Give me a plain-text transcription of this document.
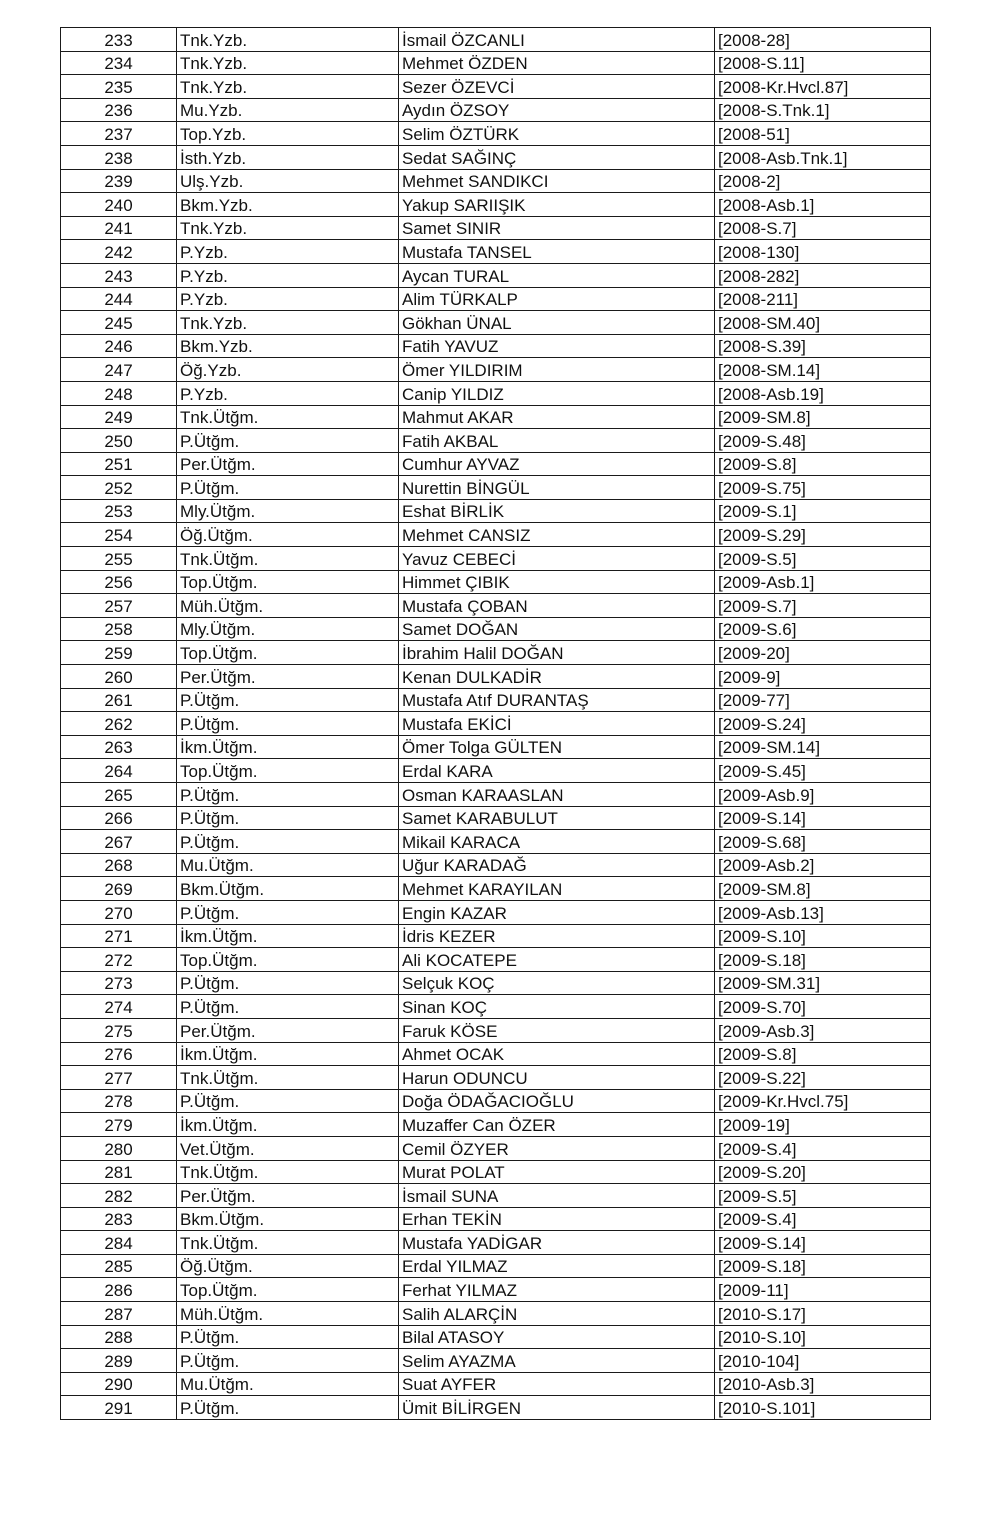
233	Tnk.Yzb.	İsmail ÖZCANLI	[2008-28]
234	Tnk.Yzb.	Mehmet ÖZDEN	[2008-S.11]
235	Tnk.Yzb.	Sezer ÖZEVCİ	[2008-Kr.Hvcl.87]
236	Mu.Yzb.	Aydın ÖZSOY	[2008-S.Tnk.1]
237	Top.Yzb.	Selim ÖZTÜRK	[2008-51]
238	İsth.Yzb.	Sedat SAĞINÇ	[2008-Asb.Tnk.1]
239	Ulş.Yzb.	Mehmet SANDIKCI	[2008-2]
240	Bkm.Yzb.	Yakup SARIIŞIK	[2008-Asb.1]
241	Tnk.Yzb.	Samet SINIR	[2008-S.7]
242	P.Yzb.	Mustafa TANSEL	[2008-130]
243	P.Yzb.	Aycan TURAL	[2008-282]
244	P.Yzb.	Alim TÜRKALP	[2008-211]
245	Tnk.Yzb.	Gökhan ÜNAL	[2008-SM.40]
246	Bkm.Yzb.	Fatih YAVUZ	[2008-S.39]
247	Öğ.Yzb.	Ömer YILDIRIM	[2008-SM.14]
248	P.Yzb.	Canip YILDIZ	[2008-Asb.19]
249	Tnk.Ütğm.	Mahmut AKAR	[2009-SM.8]
250	P.Ütğm.	Fatih AKBAL	[2009-S.48]
251	Per.Ütğm.	Cumhur AYVAZ	[2009-S.8]
252	P.Ütğm.	Nurettin BİNGÜL	[2009-S.75]
253	Mly.Ütğm.	Eshat BİRLİK	[2009-S.1]
254	Öğ.Ütğm.	Mehmet CANSIZ	[2009-S.29]
255	Tnk.Ütğm.	Yavuz CEBECİ	[2009-S.5]
256	Top.Ütğm.	Himmet ÇIBIK	[2009-Asb.1]
257	Müh.Ütğm.	Mustafa ÇOBAN	[2009-S.7]
258	Mly.Ütğm.	Samet DOĞAN	[2009-S.6]
259	Top.Ütğm.	İbrahim Halil DOĞAN	[2009-20]
260	Per.Ütğm.	Kenan DULKADİR	[2009-9]
261	P.Ütğm.	Mustafa Atıf DURANTAŞ	[2009-77]
262	P.Ütğm.	Mustafa EKİCİ	[2009-S.24]
263	İkm.Ütğm.	Ömer Tolga GÜLTEN	[2009-SM.14]
264	Top.Ütğm.	Erdal KARA	[2009-S.45]
265	P.Ütğm.	Osman KARAASLAN	[2009-Asb.9]
266	P.Ütğm.	Samet KARABULUT	[2009-S.14]
267	P.Ütğm.	Mikail KARACA	[2009-S.68]
268	Mu.Ütğm.	Uğur KARADAĞ	[2009-Asb.2]
269	Bkm.Ütğm.	Mehmet KARAYILAN	[2009-SM.8]
270	P.Ütğm.	Engin KAZAR	[2009-Asb.13]
271	İkm.Ütğm.	İdris KEZER	[2009-S.10]
272	Top.Ütğm.	Ali KOCATEPE	[2009-S.18]
273	P.Ütğm.	Selçuk KOÇ	[2009-SM.31]
274	P.Ütğm.	Sinan KOÇ	[2009-S.70]
275	Per.Ütğm.	Faruk KÖSE	[2009-Asb.3]
276	İkm.Ütğm.	Ahmet OCAK	[2009-S.8]
277	Tnk.Ütğm.	Harun ODUNCU	[2009-S.22]
278	P.Ütğm.	Doğa ÖDAĞACIOĞLU	[2009-Kr.Hvcl.75]
279	İkm.Ütğm.	Muzaffer Can ÖZER	[2009-19]
280	Vet.Ütğm.	Cemil ÖZYER	[2009-S.4]
281	Tnk.Ütğm.	Murat POLAT	[2009-S.20]
282	Per.Ütğm.	İsmail SUNA	[2009-S.5]
283	Bkm.Ütğm.	Erhan TEKİN	[2009-S.4]
284	Tnk.Ütğm.	Mustafa YADİGAR	[2009-S.14]
285	Öğ.Ütğm.	Erdal YILMAZ	[2009-S.18]
286	Top.Ütğm.	Ferhat YILMAZ	[2009-11]
287	Müh.Ütğm.	Salih ALARÇİN	[2010-S.17]
288	P.Ütğm.	Bilal ATASOY	[2010-S.10]
289	P.Ütğm.	Selim AYAZMA	[2010-104]
290	Mu.Ütğm.	Suat AYFER	[2010-Asb.3]
291	P.Ütğm.	Ümit BİLİRGEN	[2010-S.101]
